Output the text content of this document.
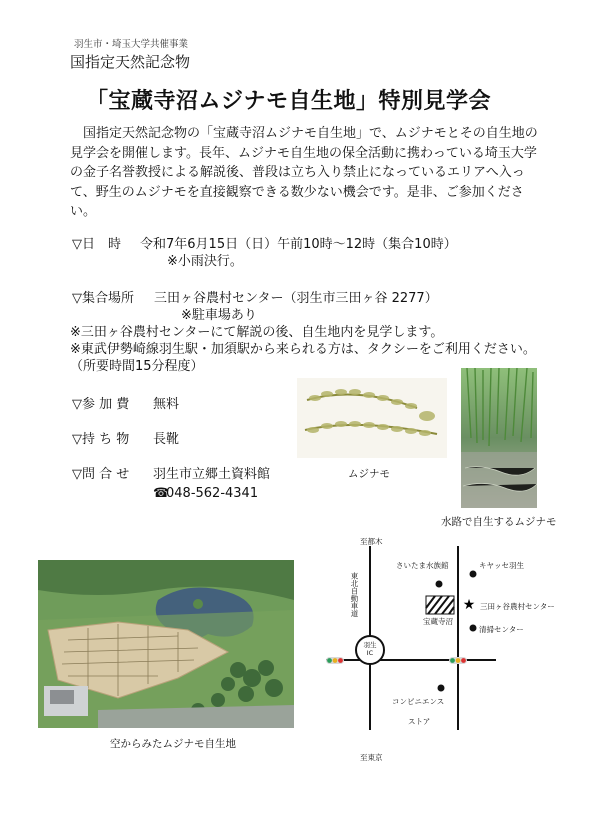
羽生市・埼玉大学共催事業
国指定天然記念物
「宝蔵寺沼ムジナモ自生地」特別見学会
国指定天然記念物の「宝蔵寺沼ムジナモ自生地」で、ムジナモとその自生地の見学会を開催します。長年、ムジナモ自生地の保全活動に携わっている埼玉大学の金子名誉教授による解説後、普段は立ち入り禁止になっているエリアへ入って、野生のムジナモを直接観察できる数少ない機会です。是非、ご参加ください。
▽日　時 令和7年6月15日（日）午前10時～12時（集合10時）
※小雨決行。
▽集合場所 三田ヶ谷農村センター（羽生市三田ヶ谷 2277）
※駐車場あり
※三田ヶ谷農村センターにて解説の後、自生地内を見学します。
※東武伊勢崎線羽生駅・加須駅から来られる方は、タクシーをご利用ください。
（所要時間15分程度）
▽参 加 費 無料
▽持 ち 物 長靴
▽問 合 せ 羽生市立郷土資料館
☎048-562-4341
ムジナモ
水路で自生するムジナモ
空からみたムジナモ自生地
★
至都木
至東京
東北自動車道
羽生IC
さいたま水族館	キヤッセ羽生
三田ヶ谷農村センター
宝蔵寺沼
清掃センター
コンビニエンス
ストア
